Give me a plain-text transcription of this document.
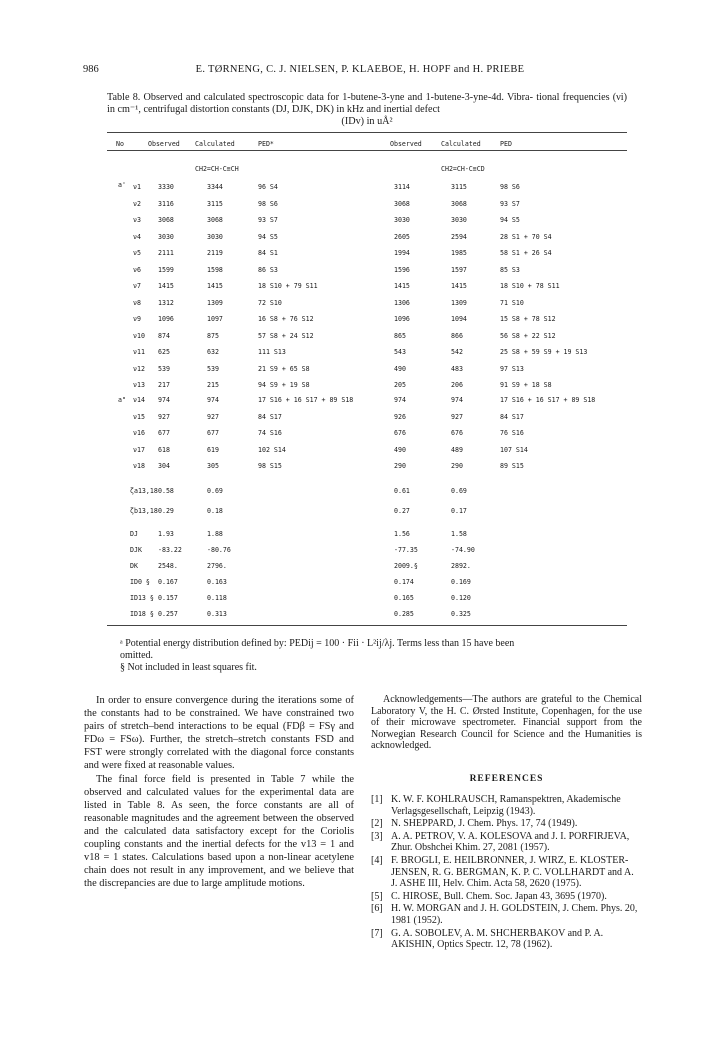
986	E. TØRNENG, C. J. NIELSEN, P. KLAEBOE, H. HOPF and H. PRIEBE
Table 8. Observed and calculated spectroscopic data for 1-butene-3-yne and 1-butene-3-yne-4d. Vibra- tional frequencies (νi) in cm⁻¹, centrifugal distortion constants (DJ, DJK, DK) in kHz and inertial defect
(IDv) in uÅ²
No	Observed Calculated	PED*	Observed	Calculated	PED
CH2=CH-C≡CH	CH2=CH-C≡CD
a'
a"
ν1	3330	3344	96 S4	3114	3115	98 S6
ν2	3116	3115	98 S6	3068	3068	93 S7
ν3	3068	3068	93 S7	3030	3030	94 S5
ν4	3030	3030	94 S5	2605	2594	28 S1 + 70 S4
ν5	2111	2119	84 S1	1994	1985	58 S1 + 26 S4
ν6	1599	1598	86 S3	1596	1597	85 S3
ν7	1415	1415	18 S10 + 79 S11	1415	1415	18 S10 + 78 S11
ν8	1312	1309	72 S10	1306	1309	71 S10
ν9	1096	1097	16 S8 + 76 S12	1096	1094	15 S8 + 78 S12
ν10 874	875	57 S8 + 24 S12	865	866	56 S8 + 22 S12
ν11 625	632	111 S13	543	542	25 S8 + 59 S9 + 19 S13
ν12 539	539	21 S9 + 65 S8	490	483	97 S13
ν13 217	215	94 S9 + 19 S8	205	206	91 S9 + 18 S8
ν14 974	974	17 S16 + 16 S17 + 89 S18	974	974	17 S16 + 16 S17 + 89 S18
ν15 927	927	84 S17	926	927	84 S17
ν16 677	677	74 S16	676	676	76 S16
ν17 618	619	102 S14	490	489	107 S14
ν18 304	305	98 S15	290	290	89 S15
ζa13,18 0.58	0.69	0.61	0.69
ζb13,18 0.29	0.18	0.27	0.17
DJ	1.93	1.88	1.56	1.58
DJK -83.22	-80.76	-77.35	-74.90
DK	2548.	2796.	2009.§	2892.
ID0 § 0.167	0.163	0.174	0.169
ID13 § 0.157	0.118	0.165	0.120
ID18 § 0.257	0.313	0.285	0.325
ᵃ Potential energy distribution defined by: PEDij = 100 · Fii · L²ij/λj. Terms less than 15 have been
omitted.
§ Not included in least squares fit.

In order to ensure convergence during the iterations some of the constants had to be constrained. We have constrained two pairs of stretch–bend interactions to be equal (FDβ = FSγ and FDω = FSω). Further, the stretch–stretch constants FSD and FST were strongly correlated with the diagonal force constants and were fixed at reasonable values.

The final force field is presented in Table 7 while the observed and calculated values for the experimental data are listed in Table 8. As seen, the force constants are all of reasonable magnitudes and the agreement between the observed and the calculated data satisfactory except for the Coriolis coupling constants and the inertial defects for the v13 = 1 and v18 = 1 states. Calculations based upon a non-linear acetylene chain does not result in any improvement, and we believe that the discrepancies are due to large amplitude motions.

Acknowledgements—The authors are grateful to the Chemical Laboratory V, the H. C. Ørsted Institute, Copenhagen, for the use of their microwave spectrometer. Financial support from the Norwegian Research Council for Science and the Humanities is acknowledged.
REFERENCES
[1] K. W. F. KOHLRAUSCH, Ramanspektren, Akademische Verlagsgesellschaft, Leipzig (1943).
[2] N. SHEPPARD, J. Chem. Phys. 17, 74 (1949).
[3] A. A. PETROV, V. A. KOLESOVA and J. I. PORFIRJEVA, Zhur. Obshchei Khim. 27, 2081 (1957).
[4] F. BROGLI, E. HEILBRONNER, J. WIRZ, E. KLOSTER-JENSEN, R. G. BERGMAN, K. P. C. VOLLHARDT and A. J. ASHE III, Helv. Chim. Acta 58, 2620 (1975).
[5] C. HIROSE, Bull. Chem. Soc. Japan 43, 3695 (1970).
[6] H. W. MORGAN and J. H. GOLDSTEIN, J. Chem. Phys. 20, 1981 (1952).
[7] G. A. SOBOLEV, A. M. SHCHERBAKOV and P. A. AKISHIN, Optics Spectr. 12, 78 (1962).
